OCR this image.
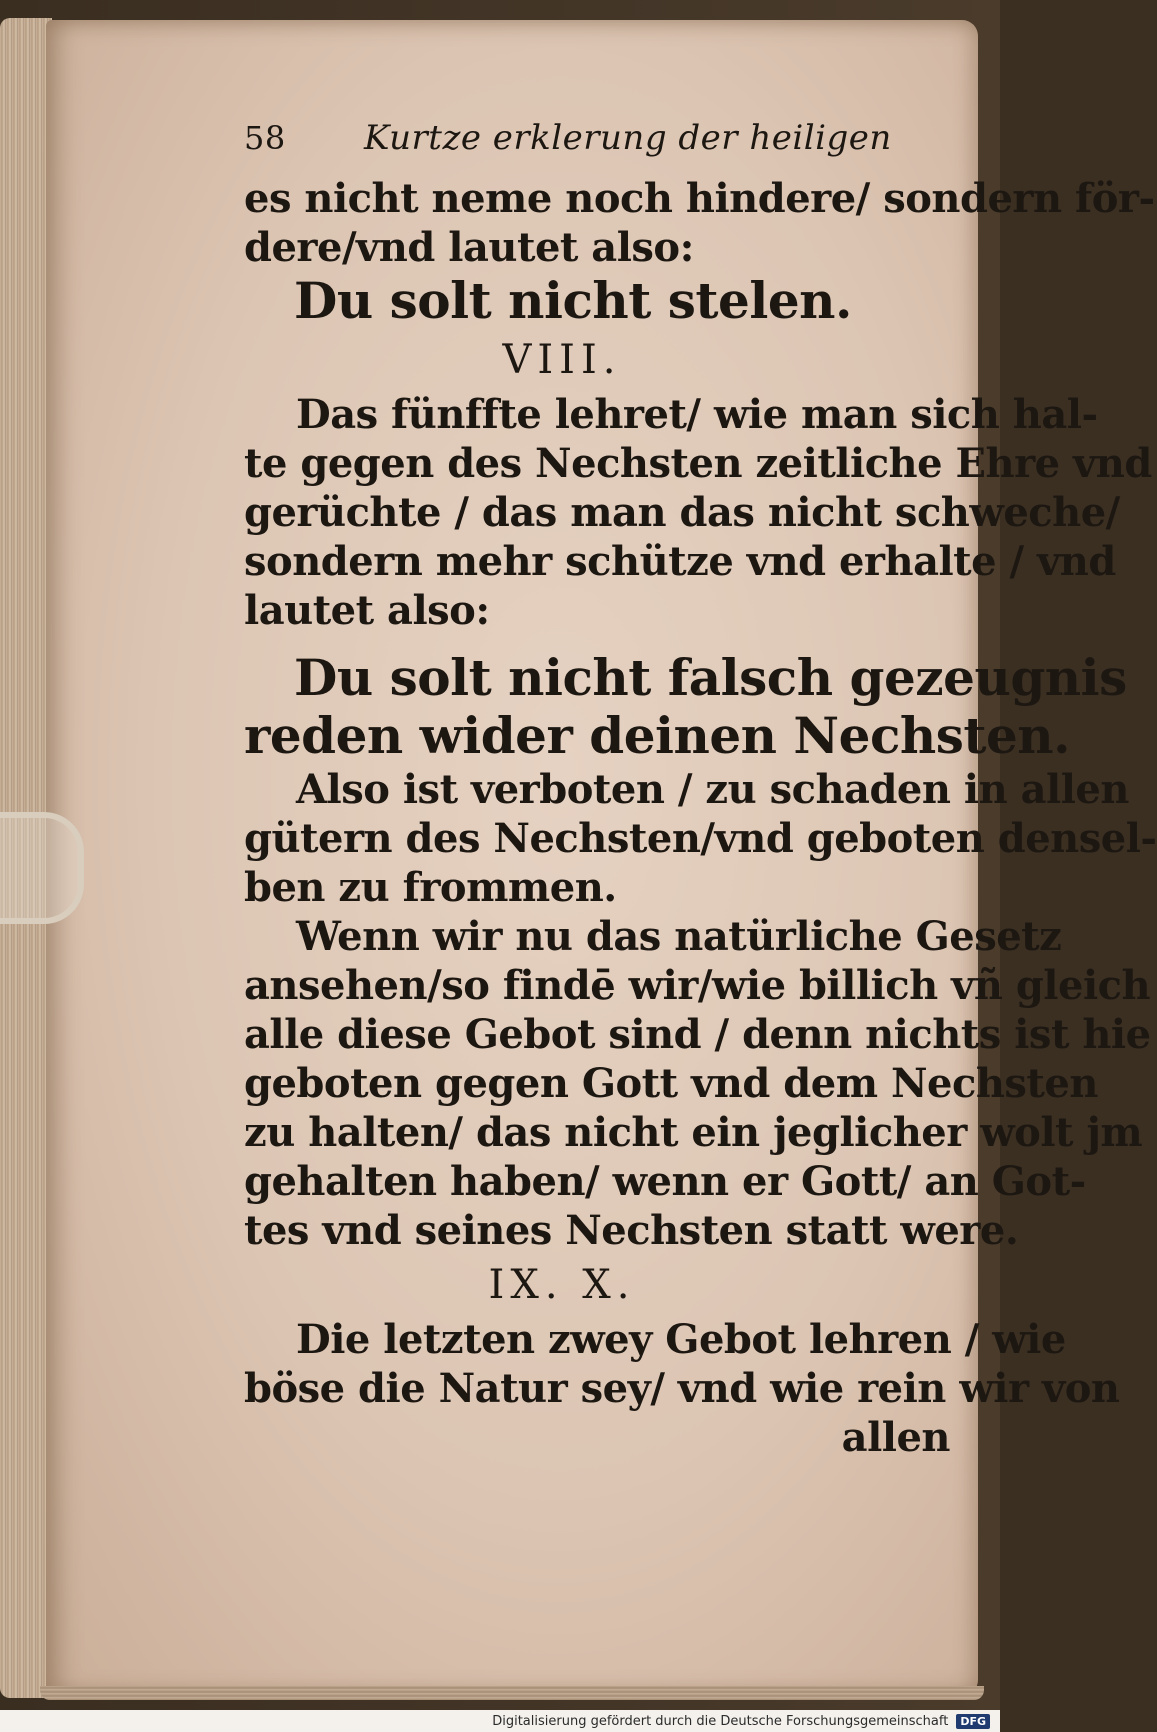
58	Kurtze erklerung der heiligen
es nicht neme noch hindere/ sondern för-
dere/vnd lautet also:
Du solt nicht stelen.
VIII.
Das fünffte lehret/ wie man sich hal-
te gegen des Nechsten zeitliche Ehre vnd
gerüchte / das man das nicht schweche/
sondern mehr schütze vnd erhalte / vnd
lautet also:
Du solt nicht falsch gezeugnis
reden wider deinen Nechsten.
Also ist verboten / zu schaden in allen
gütern des Nechsten/vnd geboten densel-
ben zu frommen.
Wenn wir nu das natürliche Gesetz
ansehen/so findē wir/wie billich vñ gleich
alle diese Gebot sind / denn nichts ist hie
geboten gegen Gott vnd dem Nechsten
zu halten/ das nicht ein jeglicher wolt jm
gehalten haben/ wenn er Gott/ an Got-
tes vnd seines Nechsten statt were.
IX. X.
Die letzten zwey Gebot lehren / wie
böse die Natur sey/ vnd wie rein wir von
allen
Digitalisierung gefördert durch die Deutsche Forschungsgemeinschaft	DFG
